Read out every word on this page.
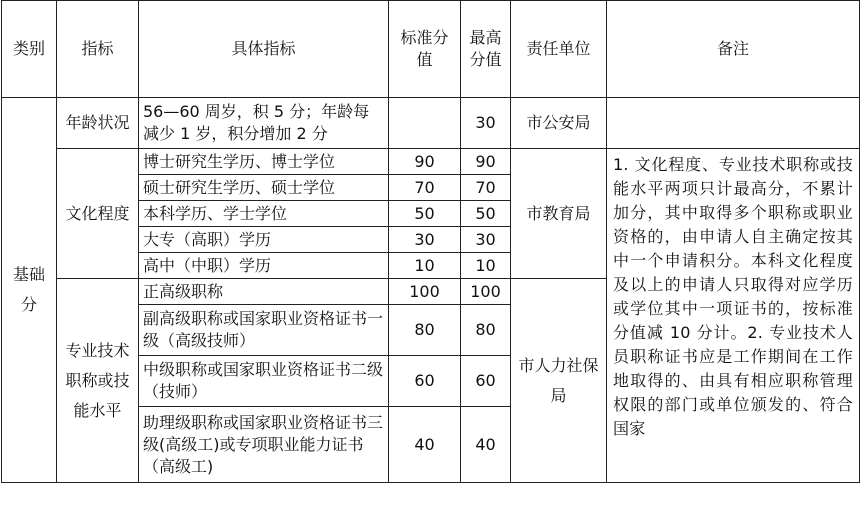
类别	指标	具体指标	标准分值	最高分值	责任单位	备注
基础分	年龄状况	56—60 周岁，积 5 分；年龄每减少 1 岁，积分增加 2 分		30	市公安局	
	文化程度	博士研究生学历、博士学位	90	90	市教育局	1. 文化程度、专业技术职称或技能水平两项只计最高分，不累计加分，其中取得多个职称或职业资格的，由申请人自主确定按其中一个申请积分。本科文化程度及以上的申请人只取得对应学历或学位其中一项证书的，按标准分值减 10 分计。2. 专业技术人员职称证书应是工作期间在工作地取得的、由具有相应职称管理权限的部门或单位颁发的、符合国家
		硕士研究生学历、硕士学位	70	70		
		本科学历、学士学位	50	50		
		大专（高职）学历	30	30		
		高中（中职）学历	10	10		
	专业技术职称或技能水平	正高级职称	100	100	市人力社保局	
		副高级职称或国家职业资格证书一级（高级技师）	80	80		
		中级职称或国家职业资格证书二级（技师）	60	60		
		助理级职称或国家职业资格证书三级(高级工)或专项职业能力证书（高级工)	40	40		
